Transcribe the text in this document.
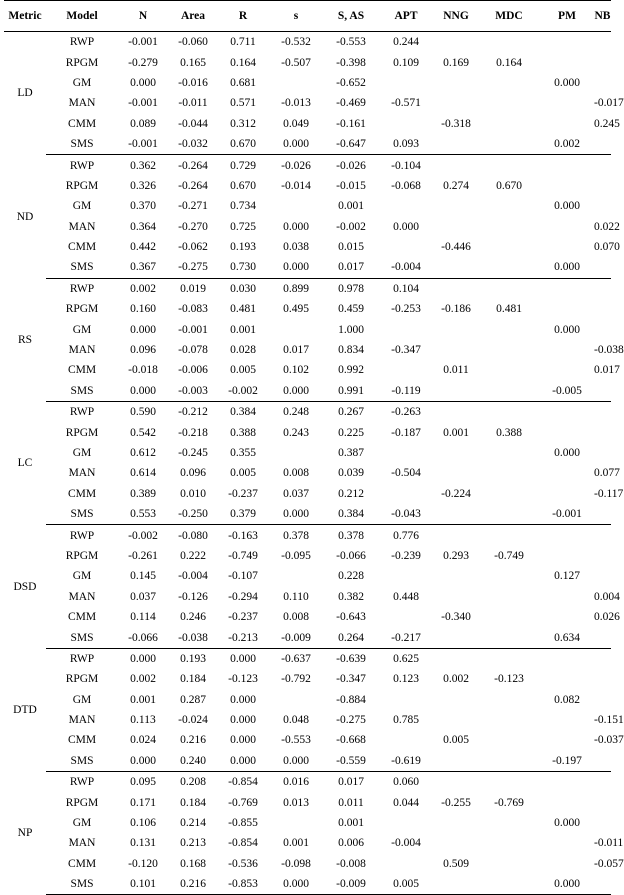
Metric	Model	N	Area	R	s	S, AS	APT	NNG	MDC	PM	NB	
LD	RWP	-0.001	-0.060	0.711	-0.532	-0.553	0.244					
	RPGM	-0.279	0.165	0.164	-0.507	-0.398	0.109	0.169	0.164			
	GM	0.000	-0.016	0.681		-0.652				0.000		
	MAN	-0.001	-0.011	0.571	-0.013	-0.469	-0.571				-0.017	
	CMM	0.089	-0.044	0.312	0.049	-0.161		-0.318			0.245	
	SMS	-0.001	-0.032	0.670	0.000	-0.647	0.093			0.002		
ND	RWP	0.362	-0.264	0.729	-0.026	-0.026	-0.104					
	RPGM	0.326	-0.264	0.670	-0.014	-0.015	-0.068	0.274	0.670			
	GM	0.370	-0.271	0.734		0.001				0.000		
	MAN	0.364	-0.270	0.725	0.000	-0.002	0.000				0.022	
	CMM	0.442	-0.062	0.193	0.038	0.015		-0.446			0.070	
	SMS	0.367	-0.275	0.730	0.000	0.017	-0.004			0.000		
RS	RWP	0.002	0.019	0.030	0.899	0.978	0.104					
	RPGM	0.160	-0.083	0.481	0.495	0.459	-0.253	-0.186	0.481			
	GM	0.000	-0.001	0.001		1.000				0.000		
	MAN	0.096	-0.078	0.028	0.017	0.834	-0.347				-0.038	
	CMM	-0.018	-0.006	0.005	0.102	0.992		0.011			0.017	
	SMS	0.000	-0.003	-0.002	0.000	0.991	-0.119			-0.005		
LC	RWP	0.590	-0.212	0.384	0.248	0.267	-0.263					
	RPGM	0.542	-0.218	0.388	0.243	0.225	-0.187	0.001	0.388			
	GM	0.612	-0.245	0.355		0.387				0.000		
	MAN	0.614	0.096	0.005	0.008	0.039	-0.504				0.077	
	CMM	0.389	0.010	-0.237	0.037	0.212		-0.224			-0.117	
	SMS	0.553	-0.250	0.379	0.000	0.384	-0.043			-0.001		
DSD	RWP	-0.002	-0.080	-0.163	0.378	0.378	0.776					
	RPGM	-0.261	0.222	-0.749	-0.095	-0.066	-0.239	0.293	-0.749			
	GM	0.145	-0.004	-0.107		0.228				0.127		
	MAN	0.037	-0.126	-0.294	0.110	0.382	0.448				0.004	
	CMM	0.114	0.246	-0.237	0.008	-0.643		-0.340			0.026	
	SMS	-0.066	-0.038	-0.213	-0.009	0.264	-0.217			0.634		
DTD	RWP	0.000	0.193	0.000	-0.637	-0.639	0.625					
	RPGM	0.002	0.184	-0.123	-0.792	-0.347	0.123	0.002	-0.123			
	GM	0.001	0.287	0.000		-0.884				0.082		
	MAN	0.113	-0.024	0.000	0.048	-0.275	0.785				-0.151	
	CMM	0.024	0.216	0.000	-0.553	-0.668		0.005			-0.037	
	SMS	0.000	0.240	0.000	0.000	-0.559	-0.619			-0.197		
NP	RWP	0.095	0.208	-0.854	0.016	0.017	0.060					
	RPGM	0.171	0.184	-0.769	0.013	0.011	0.044	-0.255	-0.769			
	GM	0.106	0.214	-0.855		0.001				0.000		
	MAN	0.131	0.213	-0.854	0.001	0.006	-0.004				-0.011	
	CMM	-0.120	0.168	-0.536	-0.098	-0.008		0.509			-0.057	
	SMS	0.101	0.216	-0.853	0.000	-0.009	0.005			0.000		
